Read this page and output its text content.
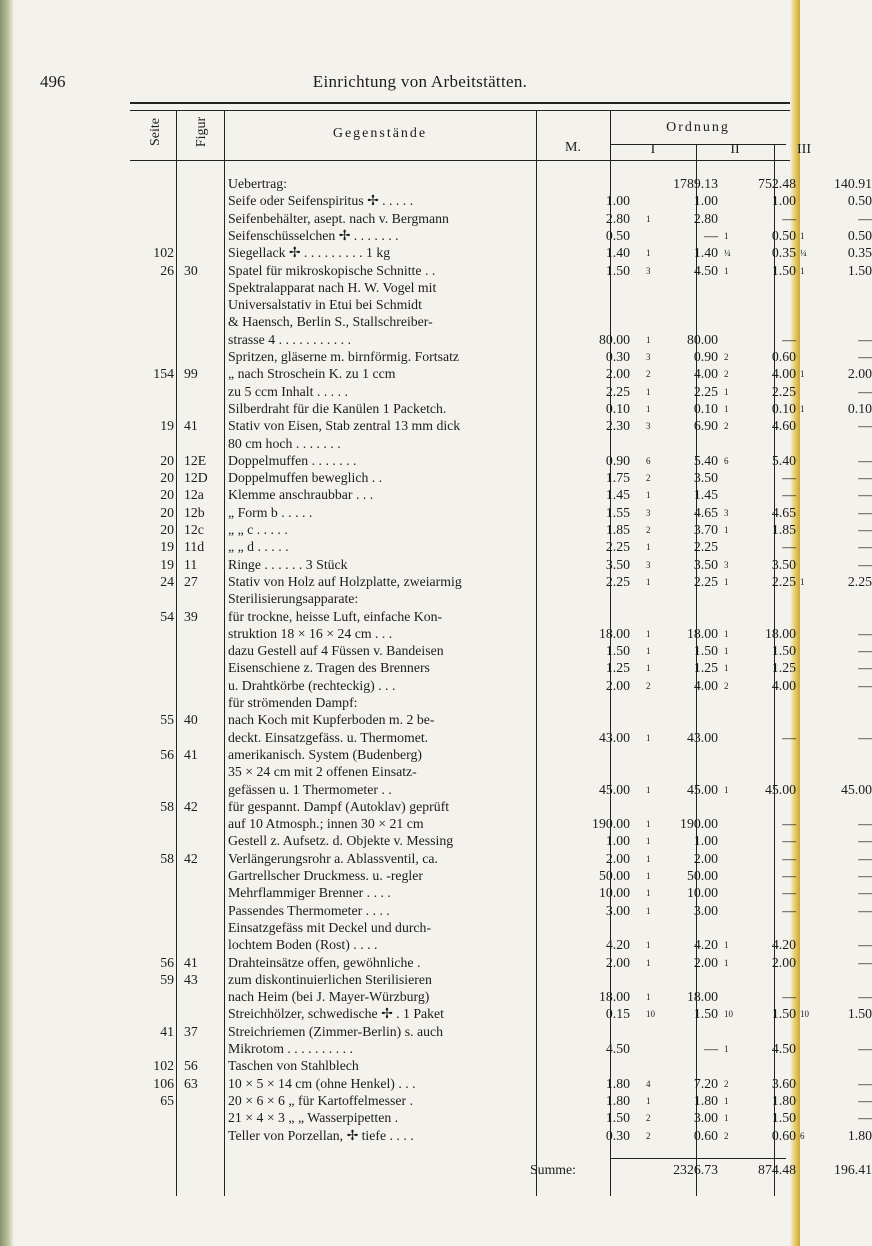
496	Einrichtung von Arbeitstätten.
Seite Figur	Gegenstände
M.
Ordnung
I	II	III
Uebertrag:	1789.13	752.48	140.91
Seife oder Seifenspiritus ✢ . . . . .	1.00	1.00	1.00	0.50
Seifenbehälter, asept. nach v. Bergmann	2.80 1	2.80	—	—
Seifenschüsselchen ✢ . . . . . . .	0.50	— 1	0.50 1	0.50
102	Siegellack ✢ . . . . . . . . . 1 kg	1.40 1	1.40 ¼	0.35 ¼	0.35
26 30	Spatel für mikroskopische Schnitte . .	1.50 3	4.50 1	1.50 1	1.50
Spektralapparat nach H. W. Vogel mit
Universalstativ in Etui bei Schmidt
& Haensch, Berlin S., Stallschreiber-
strasse 4 . . . . . . . . . . .	80.00 1	80.00	—	—
Spritzen, gläserne m. birnförmig. Fortsatz	0.30 3	0.90 2	0.60	—
154 99	„ nach Stroschein K. zu 1 ccm	2.00 2	4.00 2	4.00 1	2.00
zu 5 ccm Inhalt . . . . .	2.25 1	2.25 1	2.25	—
Silberdraht für die Kanülen 1 Packetch.	0.10 1	0.10 1	0.10 1	0.10
19 41	Stativ von Eisen, Stab zentral 13 mm dick	2.30 3	6.90 2	4.60	—
80 cm hoch . . . . . . .
20 12E	Doppelmuffen . . . . . . .	0.90 6	5.40 6	5.40	—
20 12D	Doppelmuffen beweglich . .	1.75 2	3.50	—	—
20 12a	Klemme anschraubbar . . .	1.45 1	1.45	—	—
20 12b	„ Form b . . . . .	1.55 3	4.65 3	4.65	—
20 12c	„ „ c . . . . .	1.85 2	3.70 1	1.85	—
19 11d	„ „ d . . . . .	2.25 1	2.25	—	—
19 11	Ringe . . . . . . 3 Stück	3.50 3	3.50 3	3.50	—
24 27	Stativ von Holz auf Holzplatte, zweiarmig	2.25 1	2.25 1	2.25 1	2.25
Sterilisierungsapparate:
54 39	für trockne, heisse Luft, einfache Kon-
struktion 18 × 16 × 24 cm . . .	18.00 1	18.00 1	18.00	—
dazu Gestell auf 4 Füssen v. Bandeisen	1.50 1	1.50 1	1.50	—
Eisenschiene z. Tragen des Brenners	1.25 1	1.25 1	1.25	—
u. Drahtkörbe (rechteckig) . . .	2.00 2	4.00 2	4.00	—
für strömenden Dampf:
55 40	nach Koch mit Kupferboden m. 2 be-
deckt. Einsatzgefäss. u. Thermomet.	43.00 1	43.00	—	—
56 41	amerikanisch. System (Budenberg)
35 × 24 cm mit 2 offenen Einsatz-
gefässen u. 1 Thermometer . .	45.00 1	45.00 1	45.00	45.00
58 42	für gespannt. Dampf (Autoklav) geprüft
auf 10 Atmosph.; innen 30 × 21 cm	190.00 1	190.00	—	—
Gestell z. Aufsetz. d. Objekte v. Messing	1.00 1	1.00	—	—
58 42	Verlängerungsrohr a. Ablassventil, ca.	2.00 1	2.00	—	—
Gartrellscher Druckmess. u. -regler	50.00 1	50.00	—	—
Mehrflammiger Brenner . . . .	10.00 1	10.00	—	—
Passendes Thermometer . . . .	3.00 1	3.00	—	—
Einsatzgefäss mit Deckel und durch-
lochtem Boden (Rost) . . . .	4.20 1	4.20 1	4.20	—
56 41	Drahteinsätze offen, gewöhnliche .	2.00 1	2.00 1	2.00	—
59 43	zum diskontinuierlichen Sterilisieren
nach Heim (bei J. Mayer-Würzburg)	18.00 1	18.00	—	—
Streichhölzer, schwedische ✢ . 1 Paket	0.15 10	1.50 10	1.50 10	1.50
41 37	Streichriemen (Zimmer-Berlin) s. auch
Mikrotom . . . . . . . . . .	4.50	— 1	4.50	—
102 56	Taschen von Stahlblech
106 63	10 × 5 × 14 cm (ohne Henkel) . . .	1.80 4	7.20 2	3.60	—
65	20 × 6 × 6 „ für Kartoffelmesser .	1.80 1	1.80 1	1.80	—
21 × 4 × 3 „ „ Wasserpipetten .	1.50 2	3.00 1	1.50	—
Teller von Porzellan, ✢ tiefe . . . .	0.30 2	0.60 2	0.60 6	1.80
Summe:	2326.73	874.48	196.41
